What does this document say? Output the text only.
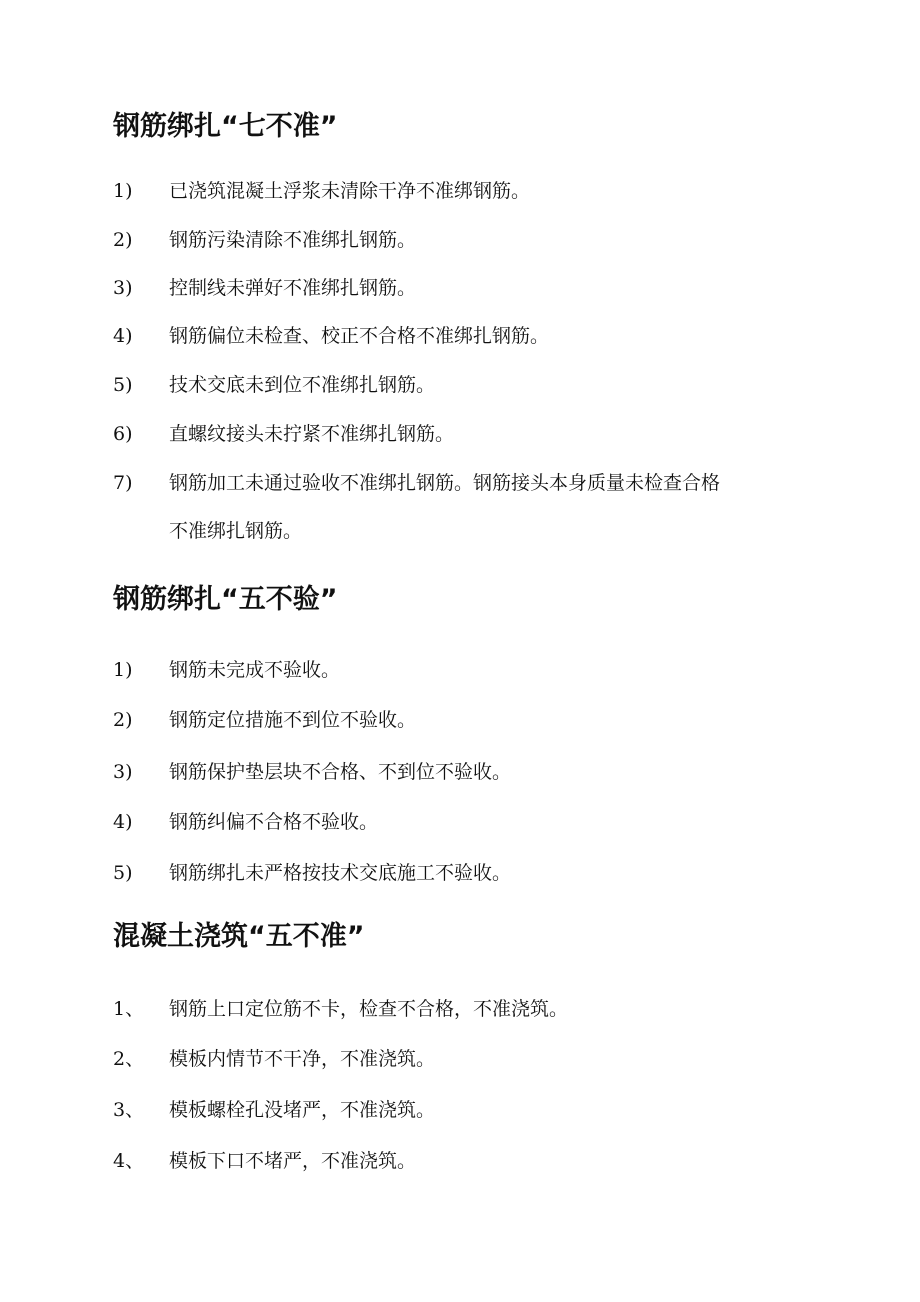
钢筋绑扎“七不准”
1)	已浇筑混凝土浮浆未清除干净不准绑钢筋。
2)	钢筋污染清除不准绑扎钢筋。
3)	控制线未弹好不准绑扎钢筋。
4)	钢筋偏位未检查、校正不合格不准绑扎钢筋。
5)	技术交底未到位不准绑扎钢筋。
6)	直螺纹接头未拧紧不准绑扎钢筋。
7)	钢筋加工未通过验收不准绑扎钢筋。钢筋接头本身质量未检查合格
不准绑扎钢筋。
钢筋绑扎“五不验”
1)	钢筋未完成不验收。
2)	钢筋定位措施不到位不验收。
3)	钢筋保护垫层块不合格、不到位不验收。
4)	钢筋纠偏不合格不验收。
5)	钢筋绑扎未严格按技术交底施工不验收。
混凝土浇筑“五不准”
1、	钢筋上口定位筋不卡，检查不合格，不准浇筑。
2、	模板内情节不干净，不准浇筑。
3、	模板螺栓孔没堵严，不准浇筑。
4、	模板下口不堵严，不准浇筑。
